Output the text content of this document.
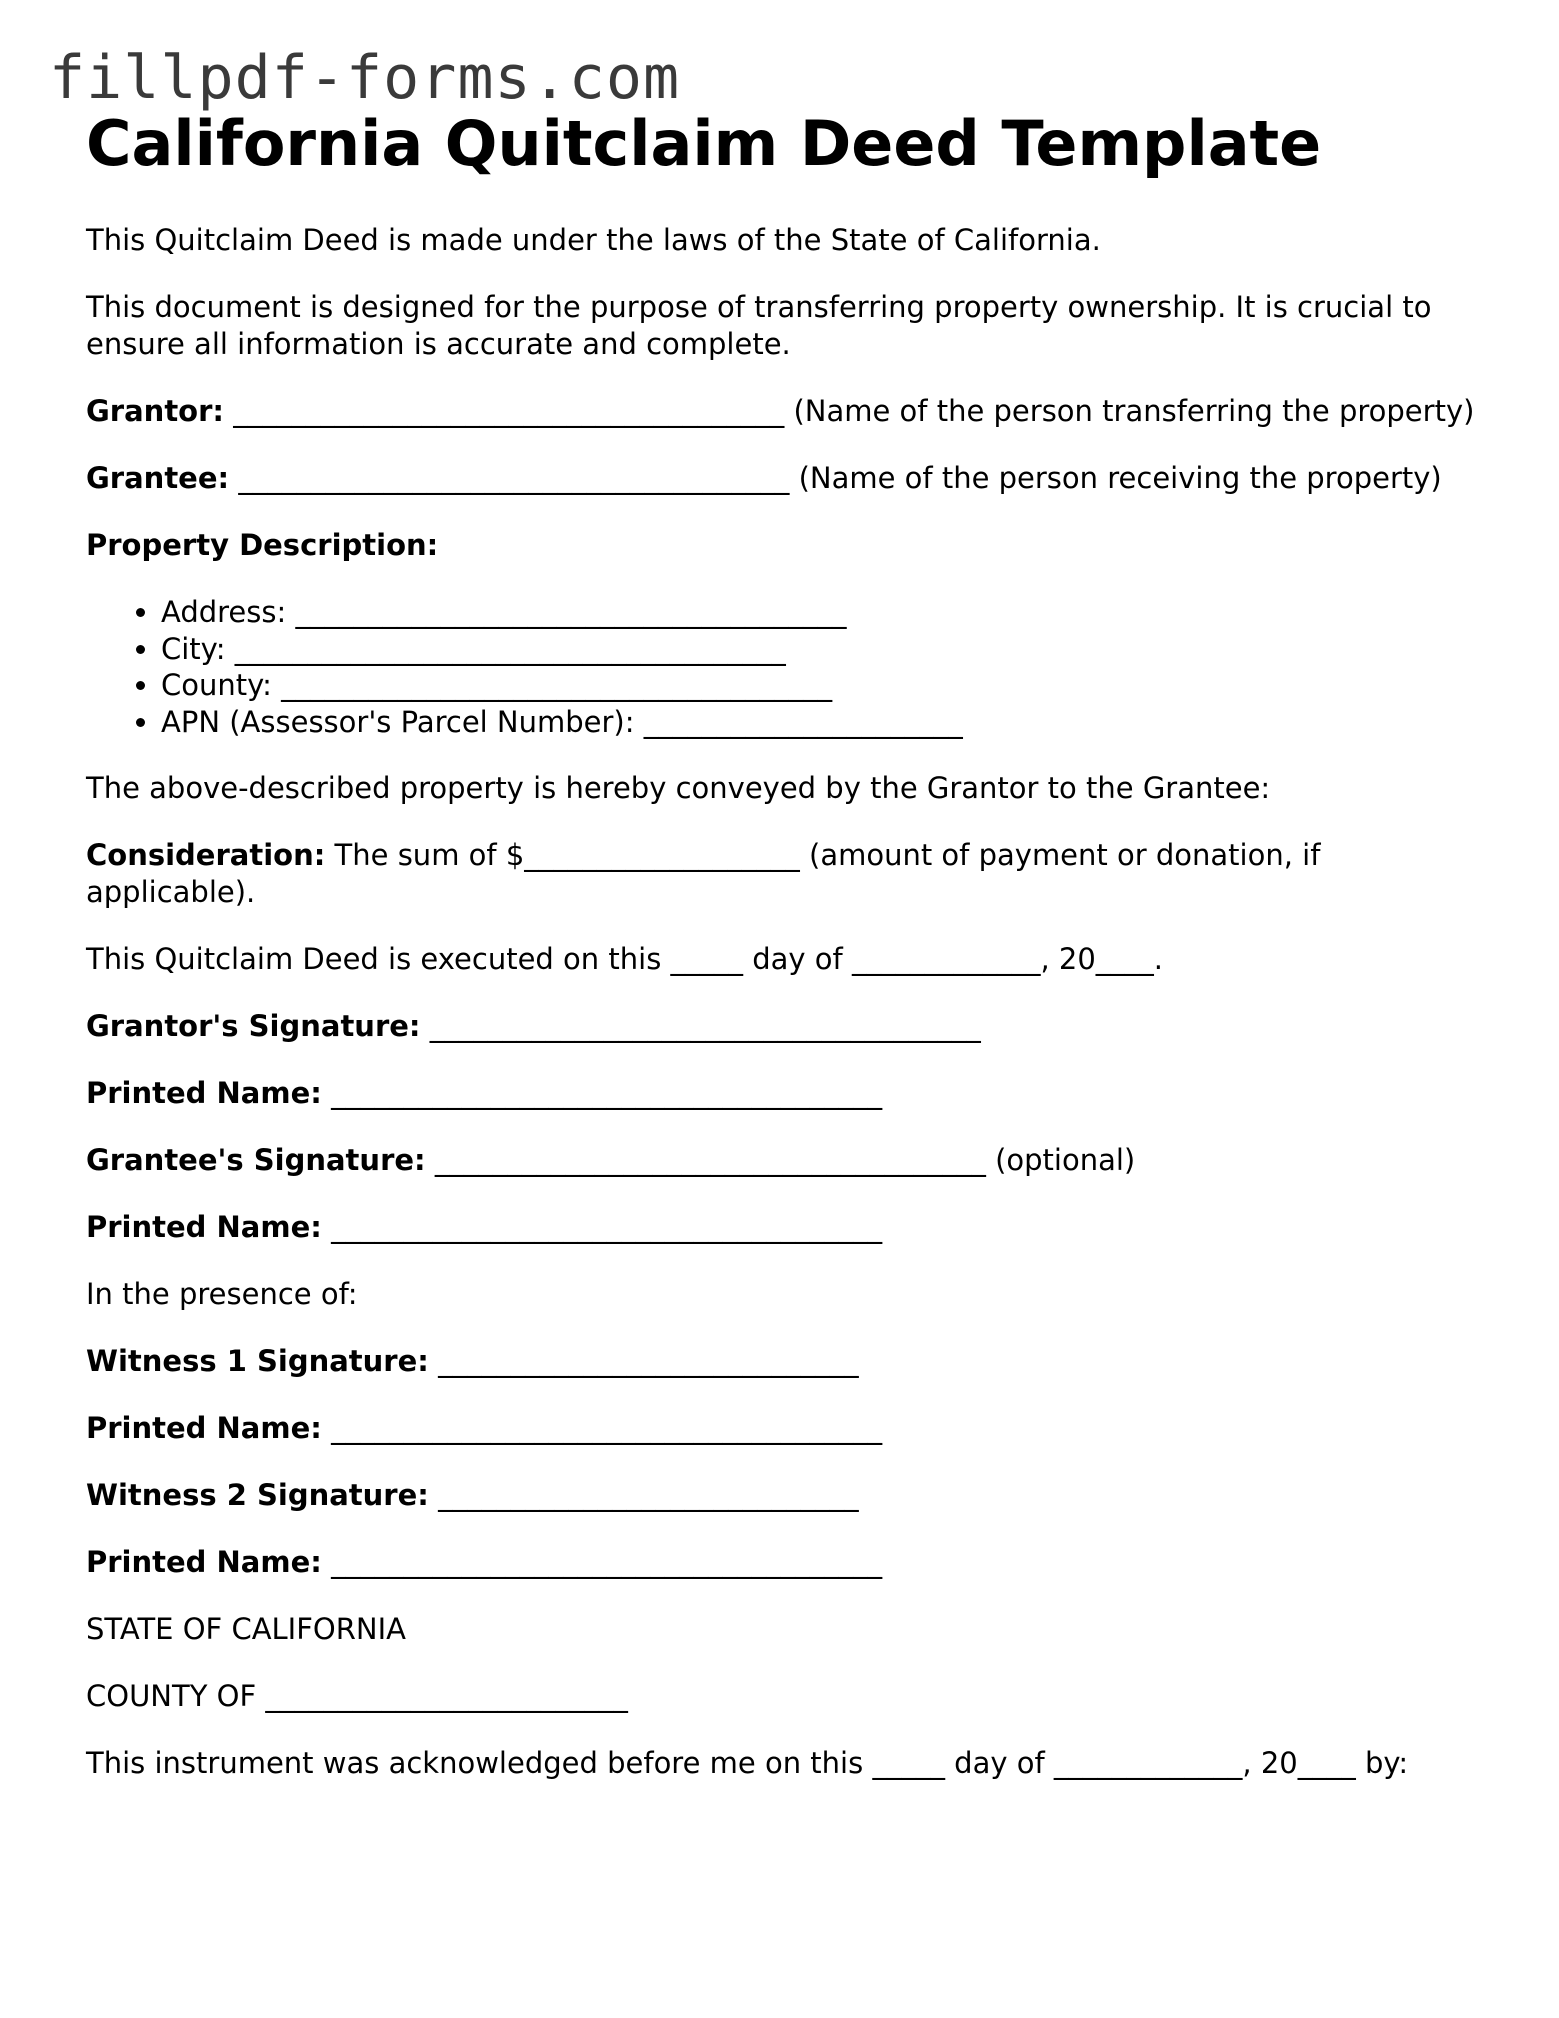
fillpdf-forms.com
California Quitclaim Deed Template

This Quitclaim Deed is made under the laws of the State of California.

This document is designed for the purpose of transferring property ownership. It is crucial to ensure all information is accurate and complete.

Grantor: ______________________________________ (Name of the person transferring the property)

Grantee: ______________________________________ (Name of the person receiving the property)

Property Description:

• Address: ______________________________________
• City: ______________________________________
• County: ______________________________________
• APN (Assessor's Parcel Number): ______________________

The above-described property is hereby conveyed by the Grantor to the Grantee:

Consideration: The sum of $___________________ (amount of payment or donation, if applicable).

This Quitclaim Deed is executed on this _____ day of _____________, 20____.

Grantor's Signature: ______________________________________

Printed Name: ______________________________________

Grantee's Signature: ______________________________________ (optional)

Printed Name: ______________________________________

In the presence of:

Witness 1 Signature: _____________________________

Printed Name: ______________________________________

Witness 2 Signature: _____________________________

Printed Name: ______________________________________

STATE OF CALIFORNIA

COUNTY OF _________________________

This instrument was acknowledged before me on this _____ day of _____________, 20____ by:
